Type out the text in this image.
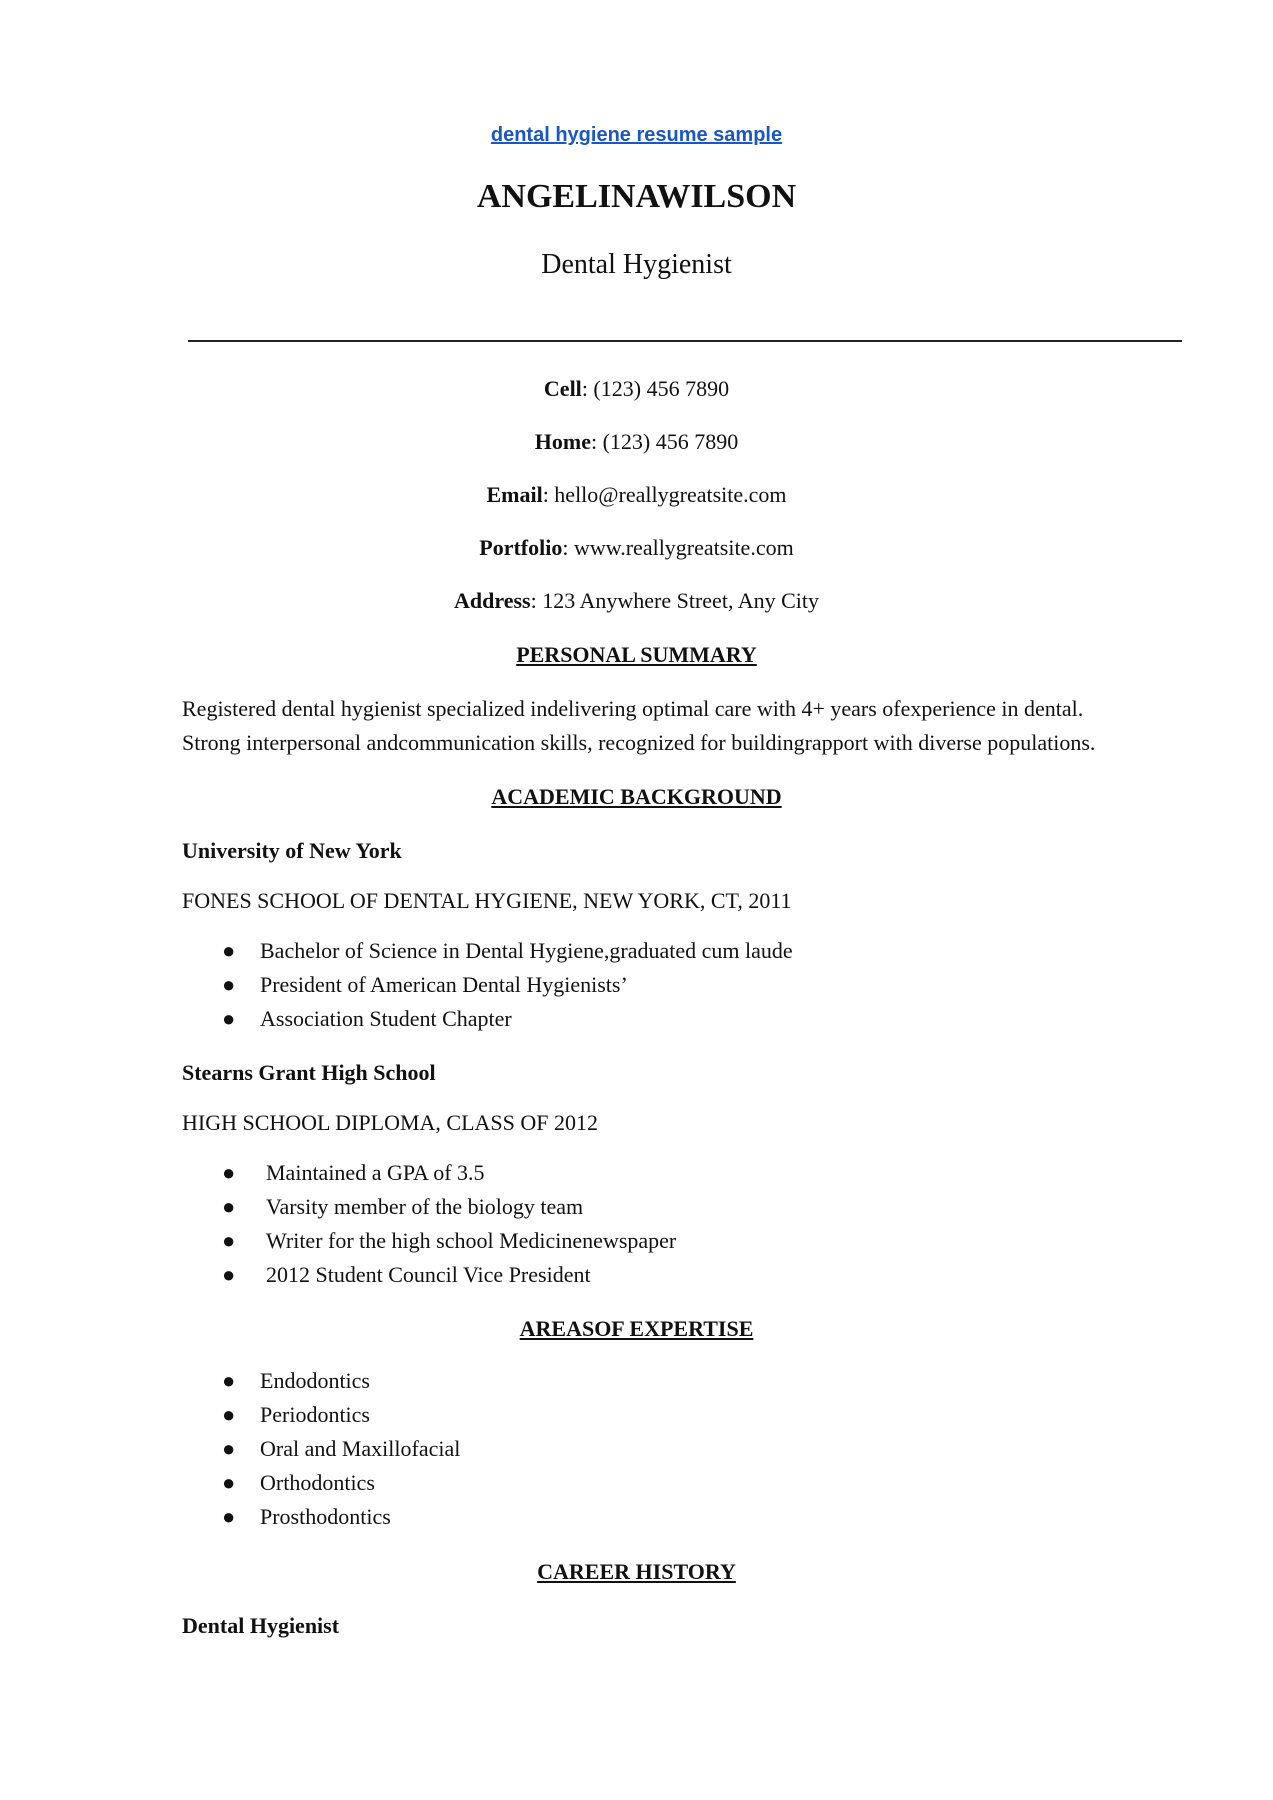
dental hygiene resume sample
ANGELINAWILSON
Dental Hygienist
Cell: (123) 456 7890
Home: (123) 456 7890
Email: hello@reallygreatsite.com
Portfolio: www.reallygreatsite.com
Address: 123 Anywhere Street, Any City
PERSONAL SUMMARY
Registered dental hygienist specialized indelivering optimal care with 4+ years ofexperience in dental.
Strong interpersonal andcommunication skills, recognized for buildingrapport with diverse populations.
ACADEMIC BACKGROUND
University of New York
FONES SCHOOL OF DENTAL HYGIENE, NEW YORK, CT, 2011
● Bachelor of Science in Dental Hygiene,graduated cum laude
● President of American Dental Hygienists’
● Association Student Chapter
Stearns Grant High School
HIGH SCHOOL DIPLOMA, CLASS OF 2012
● Maintained a GPA of 3.5
● Varsity member of the biology team
● Writer for the high school Medicinenewspaper
● 2012 Student Council Vice President
AREASOF EXPERTISE
● Endodontics
● Periodontics
● Oral and Maxillofacial
● Orthodontics
● Prosthodontics
CAREER HISTORY
Dental Hygienist
